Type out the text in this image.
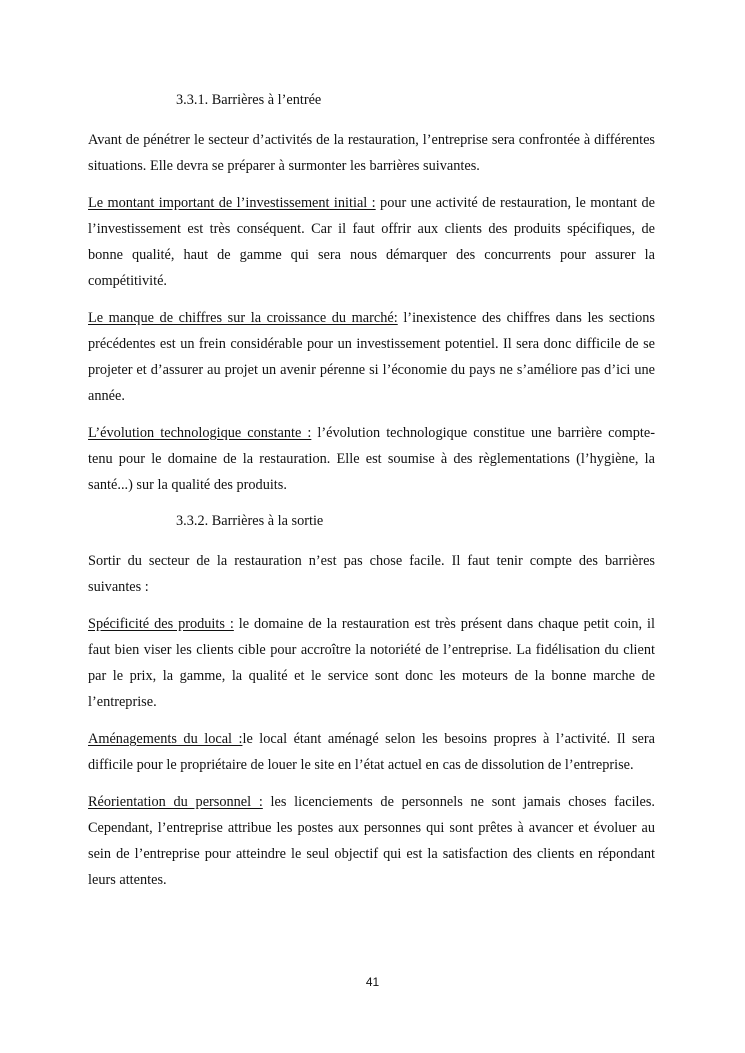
3.3.1. Barrières à l’entrée

Avant de pénétrer le secteur d’activités de la restauration, l’entreprise sera confrontée à différentes situations. Elle devra se préparer à surmonter les barrières suivantes.

Le montant important de l’investissement initial : pour une activité de restauration, le montant de l’investissement est très conséquent. Car il faut offrir aux clients des produits spécifiques, de bonne qualité, haut de gamme qui sera nous démarquer des concurrents pour assurer la compétitivité.

Le manque de chiffres sur la croissance du marché: l’inexistence des chiffres dans les sections précédentes est un frein considérable pour un investissement potentiel. Il sera donc difficile de se projeter et d’assurer au projet un avenir pérenne si l’économie du pays ne s’améliore pas d’ici une année.

L’évolution technologique constante : l’évolution technologique constitue une barrière compte-tenu pour le domaine de la restauration. Elle est soumise à des règlementations (l’hygiène, la santé...) sur la qualité des produits.

3.3.2. Barrières à la sortie

Sortir du secteur de la restauration n’est pas chose facile. Il faut tenir compte des barrières suivantes :

Spécificité des produits : le domaine de la restauration est très présent dans chaque petit coin, il faut bien viser les clients cible pour accroître la notoriété de l’entreprise. La fidélisation du client par le prix, la gamme, la qualité et le service sont donc les moteurs de la bonne marche de l’entreprise.

Aménagements du local :le local étant aménagé selon les besoins propres à l’activité. Il sera difficile pour le propriétaire de louer le site en l’état actuel en cas de dissolution de l’entreprise.

Réorientation du personnel : les licenciements de personnels ne sont jamais choses faciles. Cependant, l’entreprise attribue les postes aux personnes qui sont prêtes à avancer et évoluer au sein de l’entreprise pour atteindre le seul objectif qui est la satisfaction des clients en répondant leurs attentes.

41
